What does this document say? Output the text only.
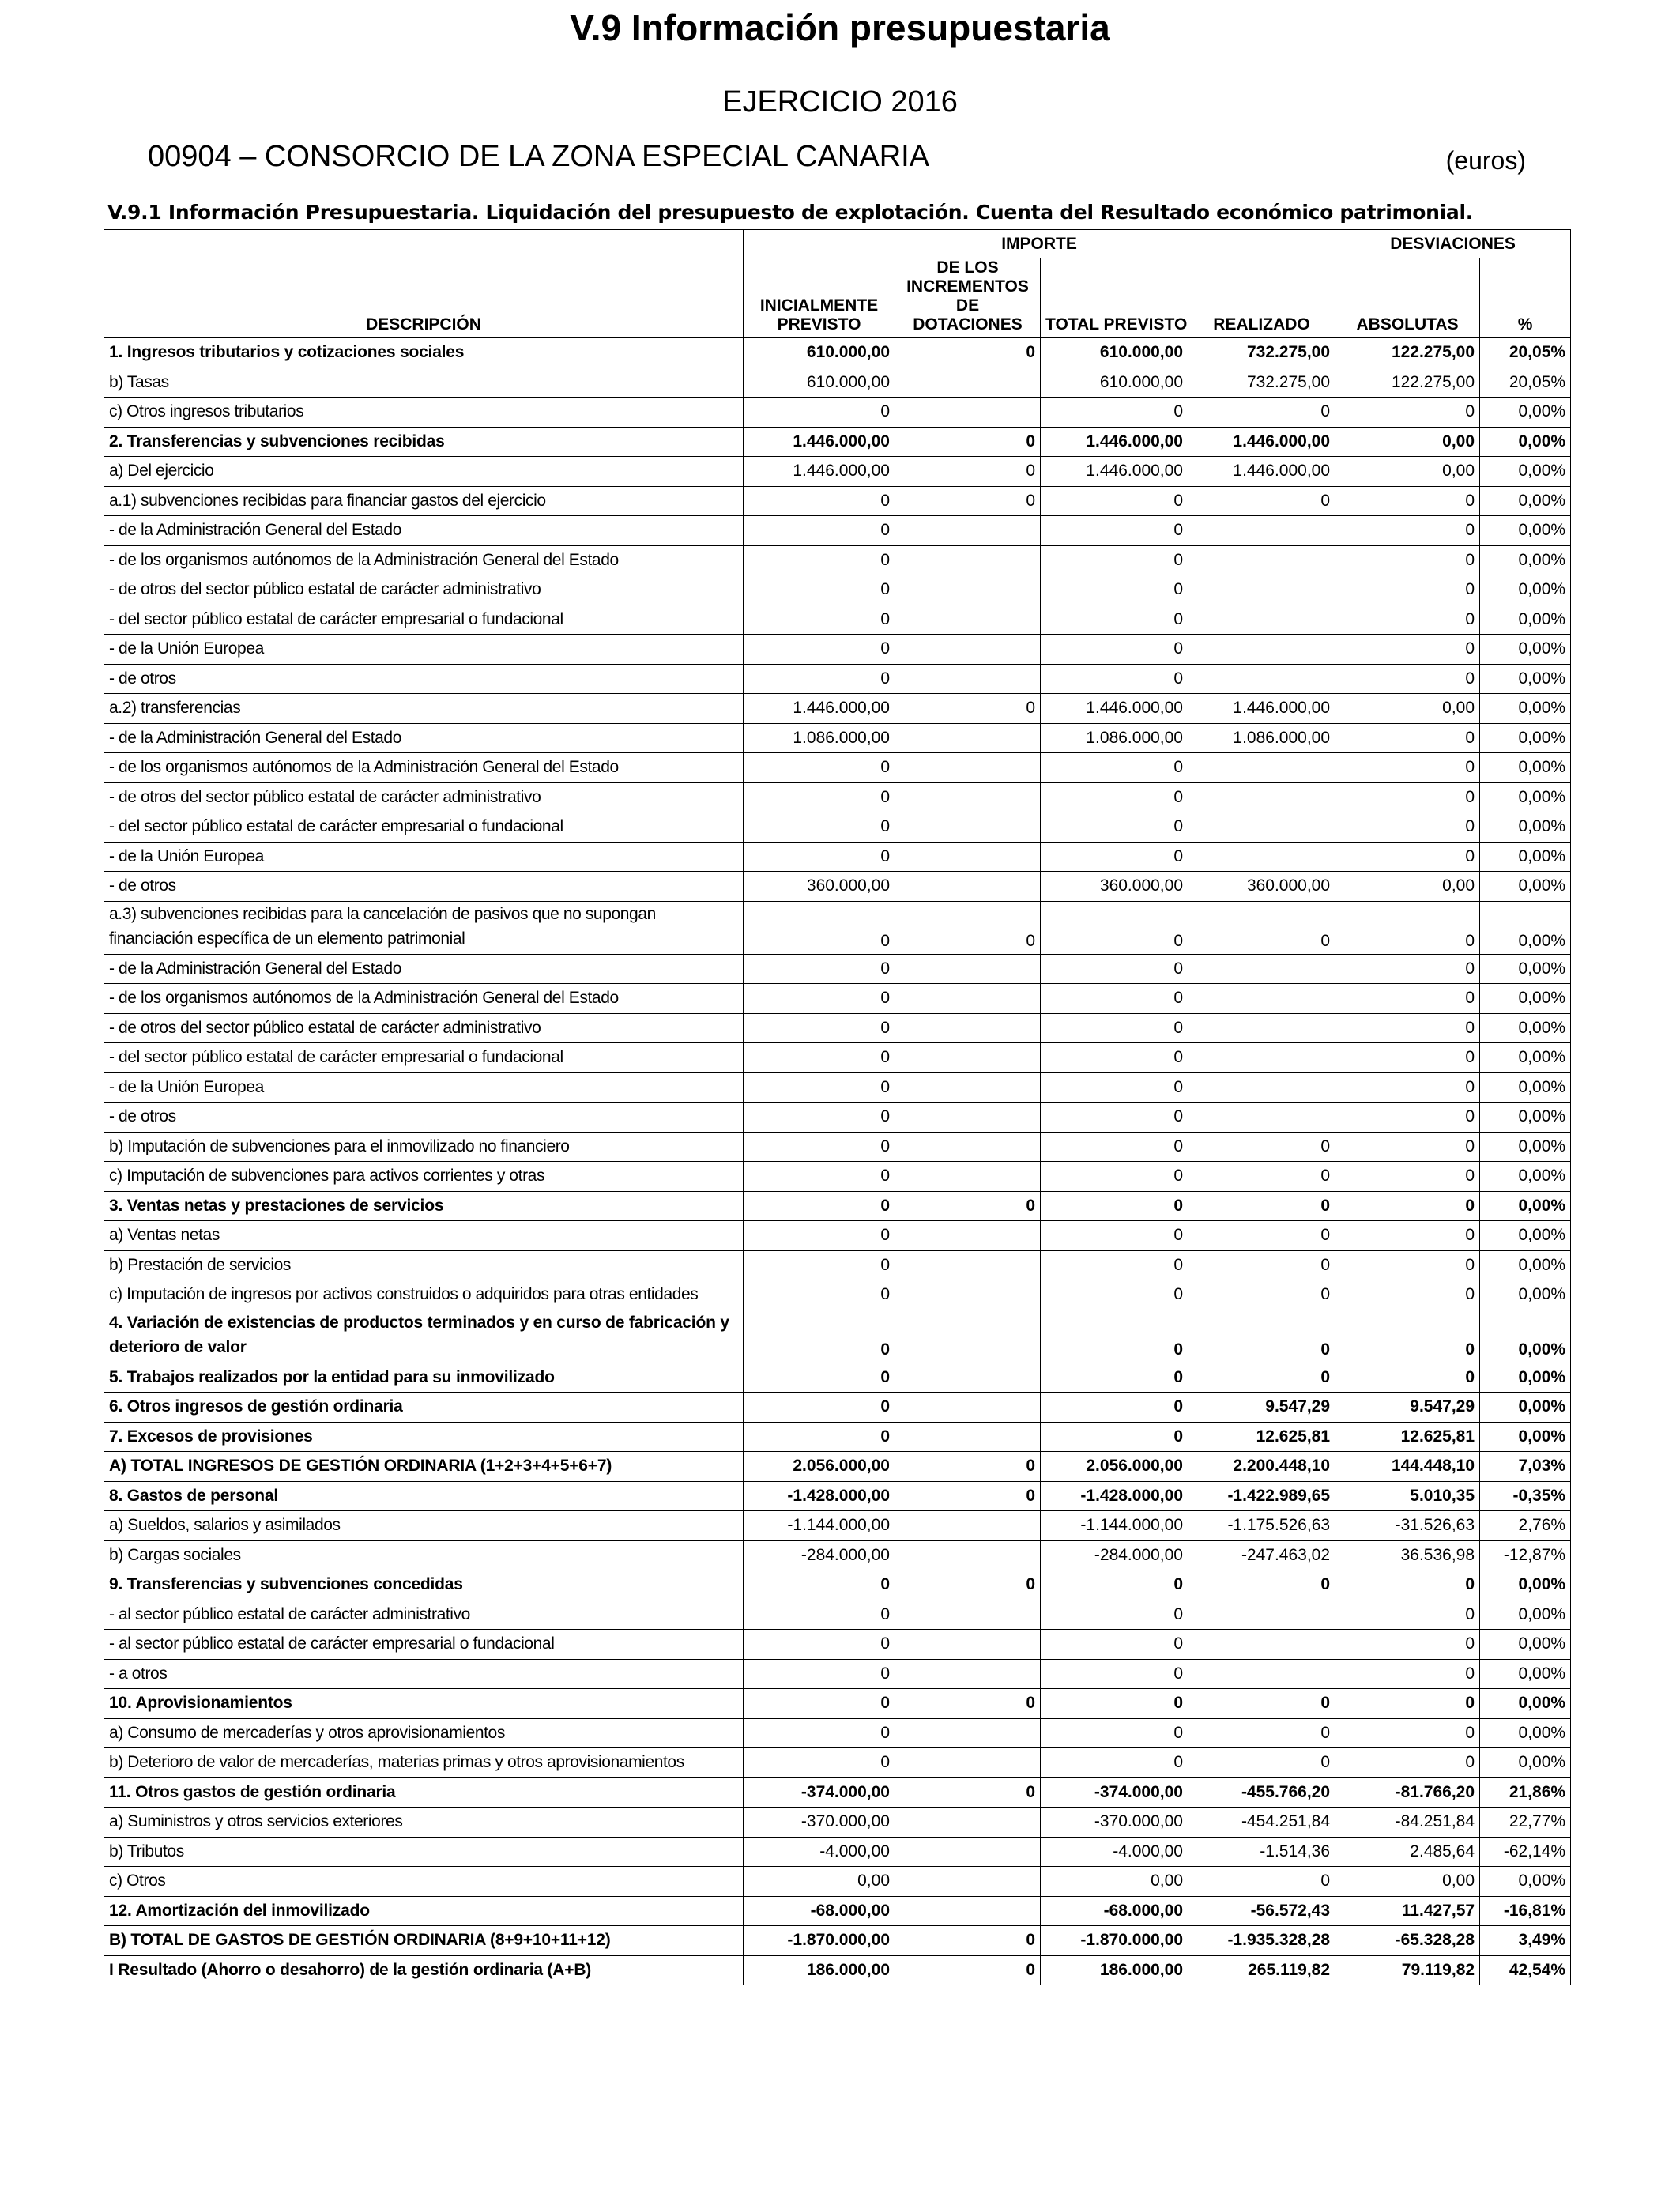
V.9 Información presupuestaria
EJERCICIO 2016
00904 – CONSORCIO DE LA ZONA ESPECIAL CANARIA	(euros)
V.9.1 Información Presupuestaria. Liquidación del presupuesto de explotación. Cuenta del Resultado económico patrimonial.
	IMPORTE				DESVIACIONES	
DESCRIPCIÓN	INICIALMENTE PREVISTO	DE LOS INCREMENTOS DE DOTACIONES	TOTAL PREVISTO	REALIZADO	ABSOLUTAS	%
1. Ingresos tributarios y cotizaciones sociales	610.000,00	0	610.000,00	732.275,00	122.275,00	20,05%
b) Tasas	610.000,00		610.000,00	732.275,00	122.275,00	20,05%
c) Otros ingresos tributarios	0		0	0	0	0,00%
2. Transferencias y subvenciones recibidas	1.446.000,00	0	1.446.000,00	1.446.000,00	0,00	0,00%
a) Del ejercicio	1.446.000,00	0	1.446.000,00	1.446.000,00	0,00	0,00%
a.1) subvenciones recibidas para financiar gastos del ejercicio	0	0	0	0	0	0,00%
- de la Administración General del Estado	0		0		0	0,00%
- de los organismos autónomos de la Administración General del Estado	0		0		0	0,00%
- de otros del sector público estatal de carácter administrativo	0		0		0	0,00%
- del sector público estatal de carácter empresarial o fundacional	0		0		0	0,00%
- de la Unión Europea	0		0		0	0,00%
- de otros	0		0		0	0,00%
a.2) transferencias	1.446.000,00	0	1.446.000,00	1.446.000,00	0,00	0,00%
- de la Administración General del Estado	1.086.000,00		1.086.000,00	1.086.000,00	0	0,00%
- de los organismos autónomos de la Administración General del Estado	0		0		0	0,00%
- de otros del sector público estatal de carácter administrativo	0		0		0	0,00%
- del sector público estatal de carácter empresarial o fundacional	0		0		0	0,00%
- de la Unión Europea	0		0		0	0,00%
- de otros	360.000,00		360.000,00	360.000,00	0,00	0,00%
a.3) subvenciones recibidas para la cancelación de pasivos que no supongan financiación específica de un elemento patrimonial	0	0	0	0	0	0,00%
- de la Administración General del Estado	0		0		0	0,00%
- de los organismos autónomos de la Administración General del Estado	0		0		0	0,00%
- de otros del sector público estatal de carácter administrativo	0		0		0	0,00%
- del sector público estatal de carácter empresarial o fundacional	0		0		0	0,00%
- de la Unión Europea	0		0		0	0,00%
- de otros	0		0		0	0,00%
b) Imputación de subvenciones para el inmovilizado no financiero	0		0	0	0	0,00%
c) Imputación de subvenciones para activos corrientes y otras	0		0	0	0	0,00%
3. Ventas netas y prestaciones de servicios	0	0	0	0	0	0,00%
a) Ventas netas	0		0	0	0	0,00%
b) Prestación de servicios	0		0	0	0	0,00%
c) Imputación de ingresos por activos construidos o adquiridos para otras entidades	0		0	0	0	0,00%
4. Variación de existencias de productos terminados y en curso de fabricación y deterioro de valor	0		0	0	0	0,00%
5. Trabajos realizados por la entidad para su inmovilizado	0		0	0	0	0,00%
6. Otros ingresos de gestión ordinaria	0		0	9.547,29	9.547,29	0,00%
7. Excesos de provisiones	0		0	12.625,81	12.625,81	0,00%
A) TOTAL INGRESOS DE GESTIÓN ORDINARIA (1+2+3+4+5+6+7)	2.056.000,00	0	2.056.000,00	2.200.448,10	144.448,10	7,03%
8. Gastos de personal	-1.428.000,00	0	-1.428.000,00	-1.422.989,65	5.010,35	-0,35%
a) Sueldos, salarios y asimilados	-1.144.000,00		-1.144.000,00	-1.175.526,63	-31.526,63	2,76%
b) Cargas sociales	-284.000,00		-284.000,00	-247.463,02	36.536,98	-12,87%
9. Transferencias y subvenciones concedidas	0	0	0	0	0	0,00%
- al sector público estatal de carácter administrativo	0		0		0	0,00%
- al sector público estatal de carácter empresarial o fundacional	0		0		0	0,00%
- a otros	0		0		0	0,00%
10. Aprovisionamientos	0	0	0	0	0	0,00%
a) Consumo de mercaderías y otros aprovisionamientos	0		0	0	0	0,00%
b) Deterioro de valor de mercaderías, materias primas y otros aprovisionamientos	0		0	0	0	0,00%
11. Otros gastos de gestión ordinaria	-374.000,00	0	-374.000,00	-455.766,20	-81.766,20	21,86%
a) Suministros y otros servicios exteriores	-370.000,00		-370.000,00	-454.251,84	-84.251,84	22,77%
b) Tributos	-4.000,00		-4.000,00	-1.514,36	2.485,64	-62,14%
c) Otros	0,00		0,00	0	0,00	0,00%
12. Amortización del inmovilizado	-68.000,00		-68.000,00	-56.572,43	11.427,57	-16,81%
B) TOTAL DE GASTOS DE GESTIÓN ORDINARIA (8+9+10+11+12)	-1.870.000,00	0	-1.870.000,00	-1.935.328,28	-65.328,28	3,49%
I Resultado (Ahorro o desahorro) de la gestión ordinaria (A+B)	186.000,00	0	186.000,00	265.119,82	79.119,82	42,54%
